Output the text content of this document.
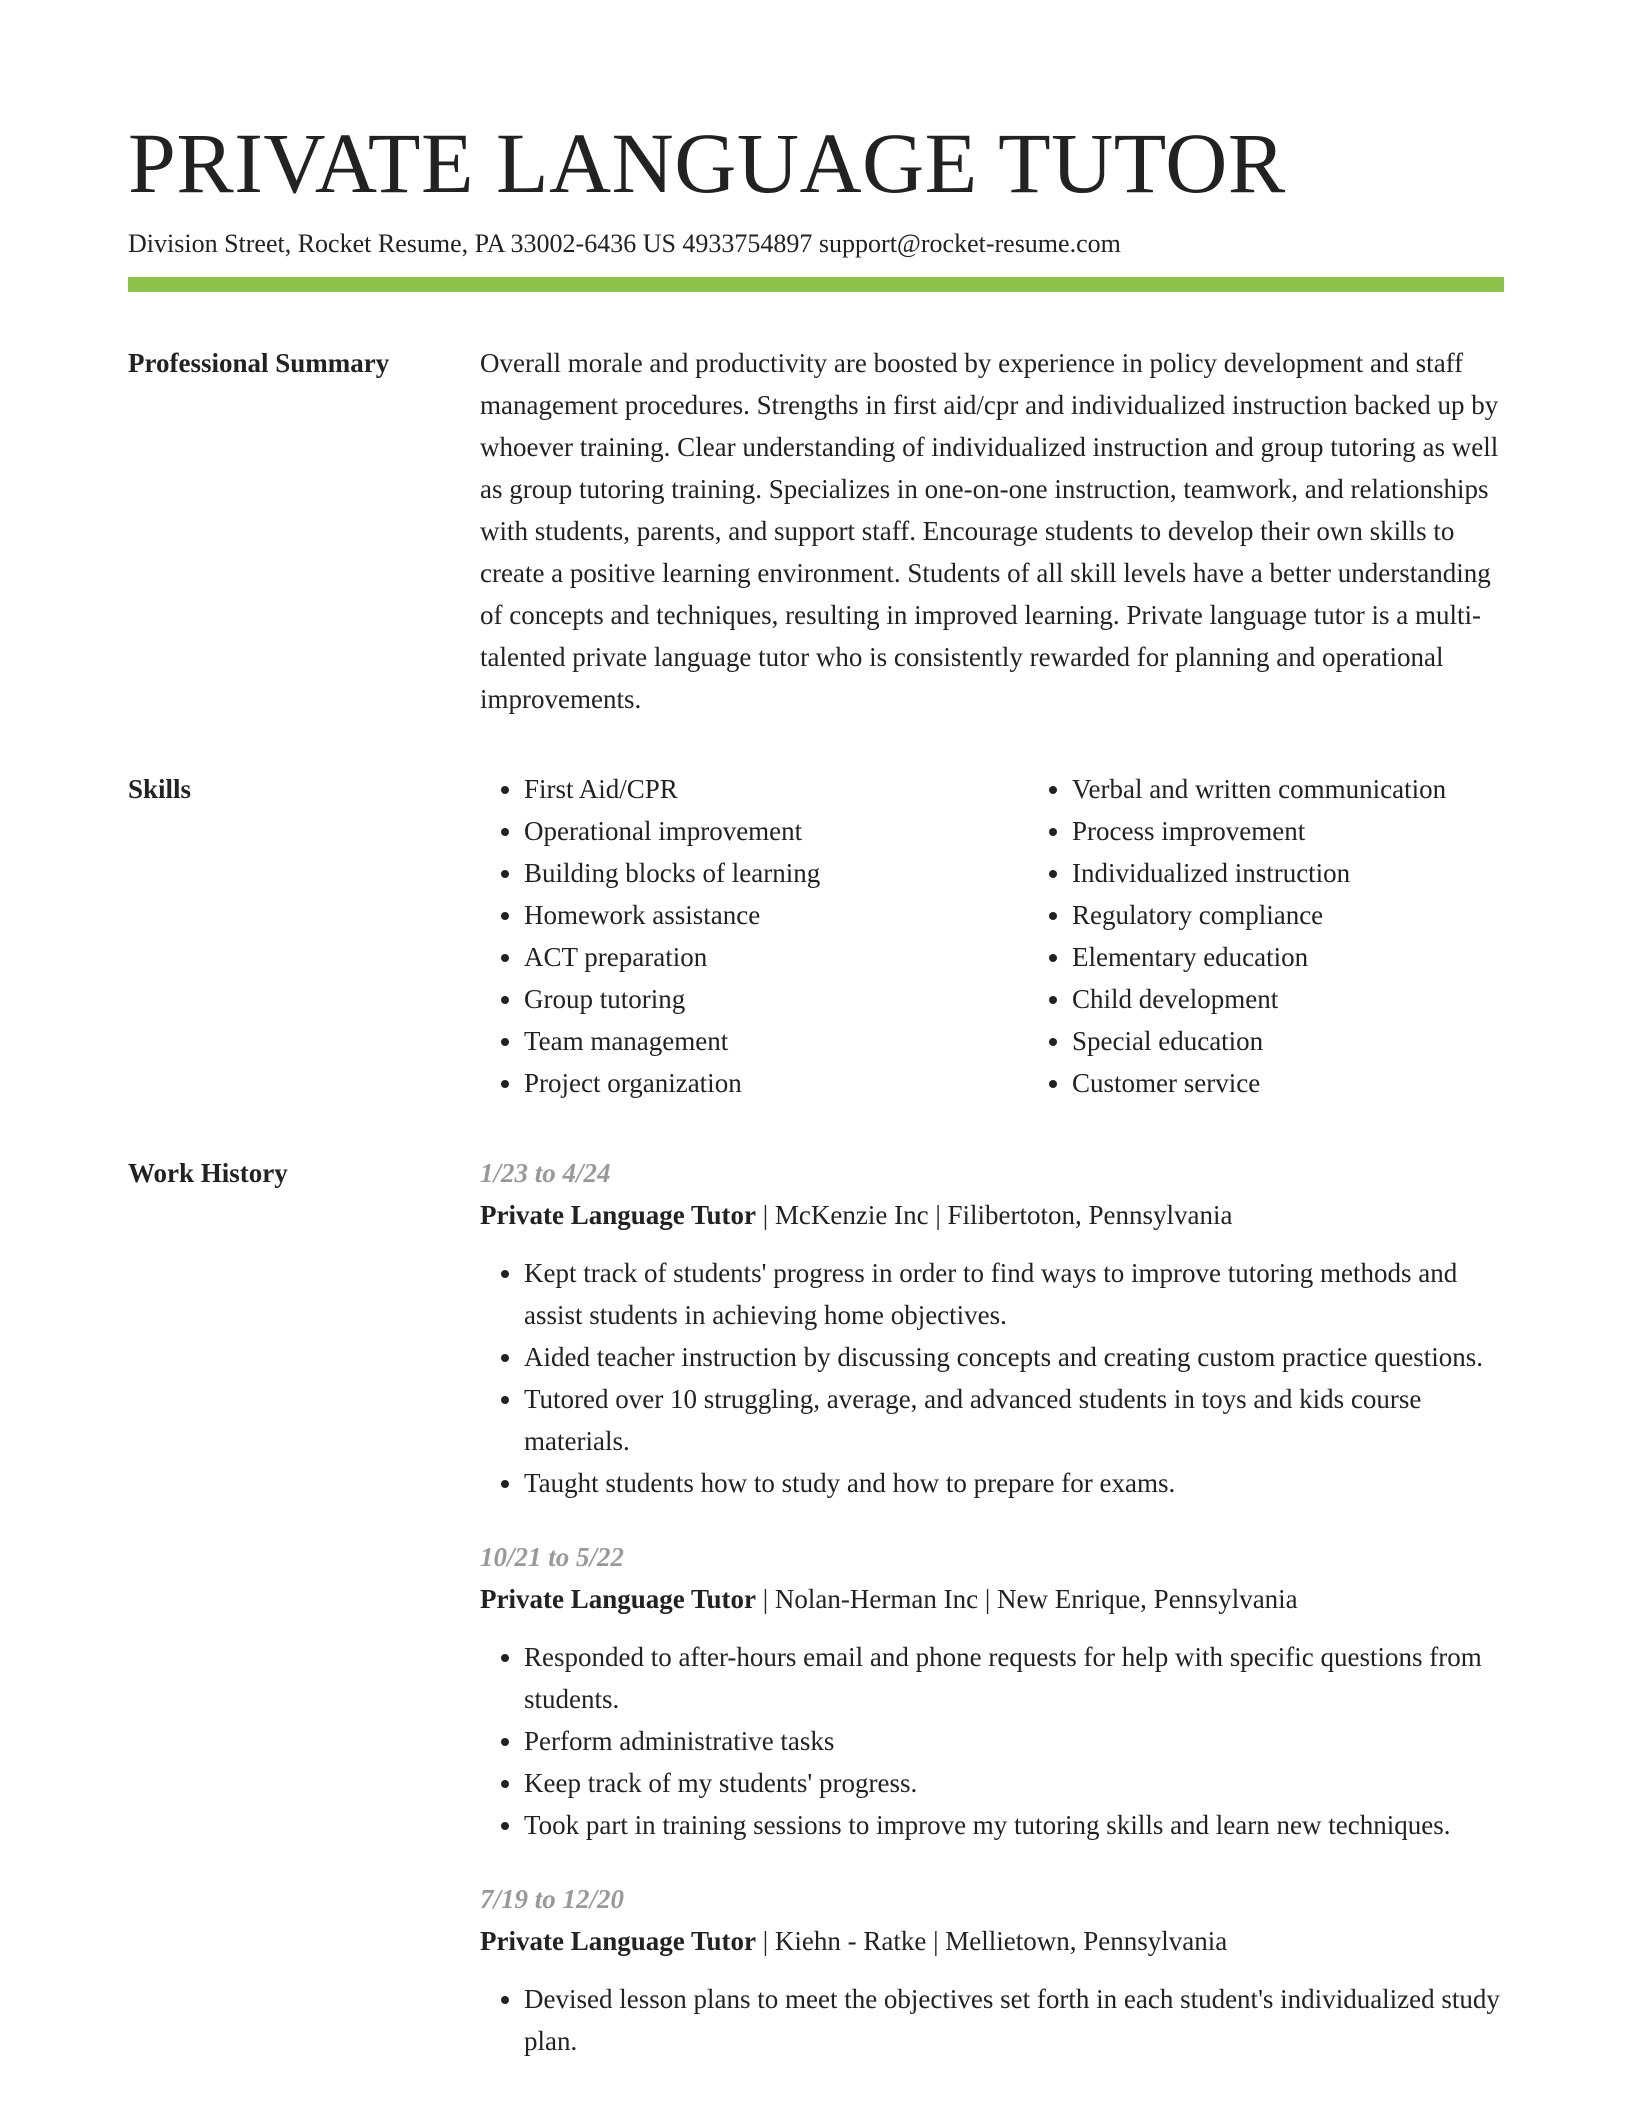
PRIVATE LANGUAGE TUTOR
Division Street, Rocket Resume, PA 33002-6436 US 4933754897 support@rocket-resume.com
Professional Summary	Overall morale and productivity are boosted by experience in policy development and staff management procedures. Strengths in first aid/cpr and individualized instruction backed up by whoever training. Clear understanding of individualized instruction and group tutoring as well as group tutoring training. Specializes in one-on-one instruction, teamwork, and relationships with students, parents, and support staff. Encourage students to develop their own skills to create a positive learning environment. Students of all skill levels have a better understanding of concepts and techniques, resulting in improved learning. Private language tutor is a multi-talented private language tutor who is consistently rewarded for planning and operational improvements.

Skills
•	First Aid/CPR
• Operational improvement
• Building blocks of learning
• Homework assistance
• ACT preparation
• Group tutoring
• Team management
• Project organization
• Verbal and written communication
• Process improvement
• Individualized instruction
• Regulatory compliance
• Elementary education
• Child development
• Special education
• Customer service
Work History	1/23 to 4/24
Private Language Tutor | McKenzie Inc | Filibertoton, Pennsylvania
• Kept track of students' progress in order to find ways to improve tutoring methods and assist students in achieving home objectives.
• Aided teacher instruction by discussing concepts and creating custom practice questions.
• Tutored over 10 struggling, average, and advanced students in toys and kids course materials.
• Taught students how to study and how to prepare for exams.
10/21 to 5/22
Private Language Tutor | Nolan-Herman Inc | New Enrique, Pennsylvania
• Responded to after-hours email and phone requests for help with specific questions from students.
• Perform administrative tasks
• Keep track of my students' progress.
• Took part in training sessions to improve my tutoring skills and learn new techniques.
7/19 to 12/20
Private Language Tutor | Kiehn - Ratke | Mellietown, Pennsylvania
• Devised lesson plans to meet the objectives set forth in each student's individualized study plan.
